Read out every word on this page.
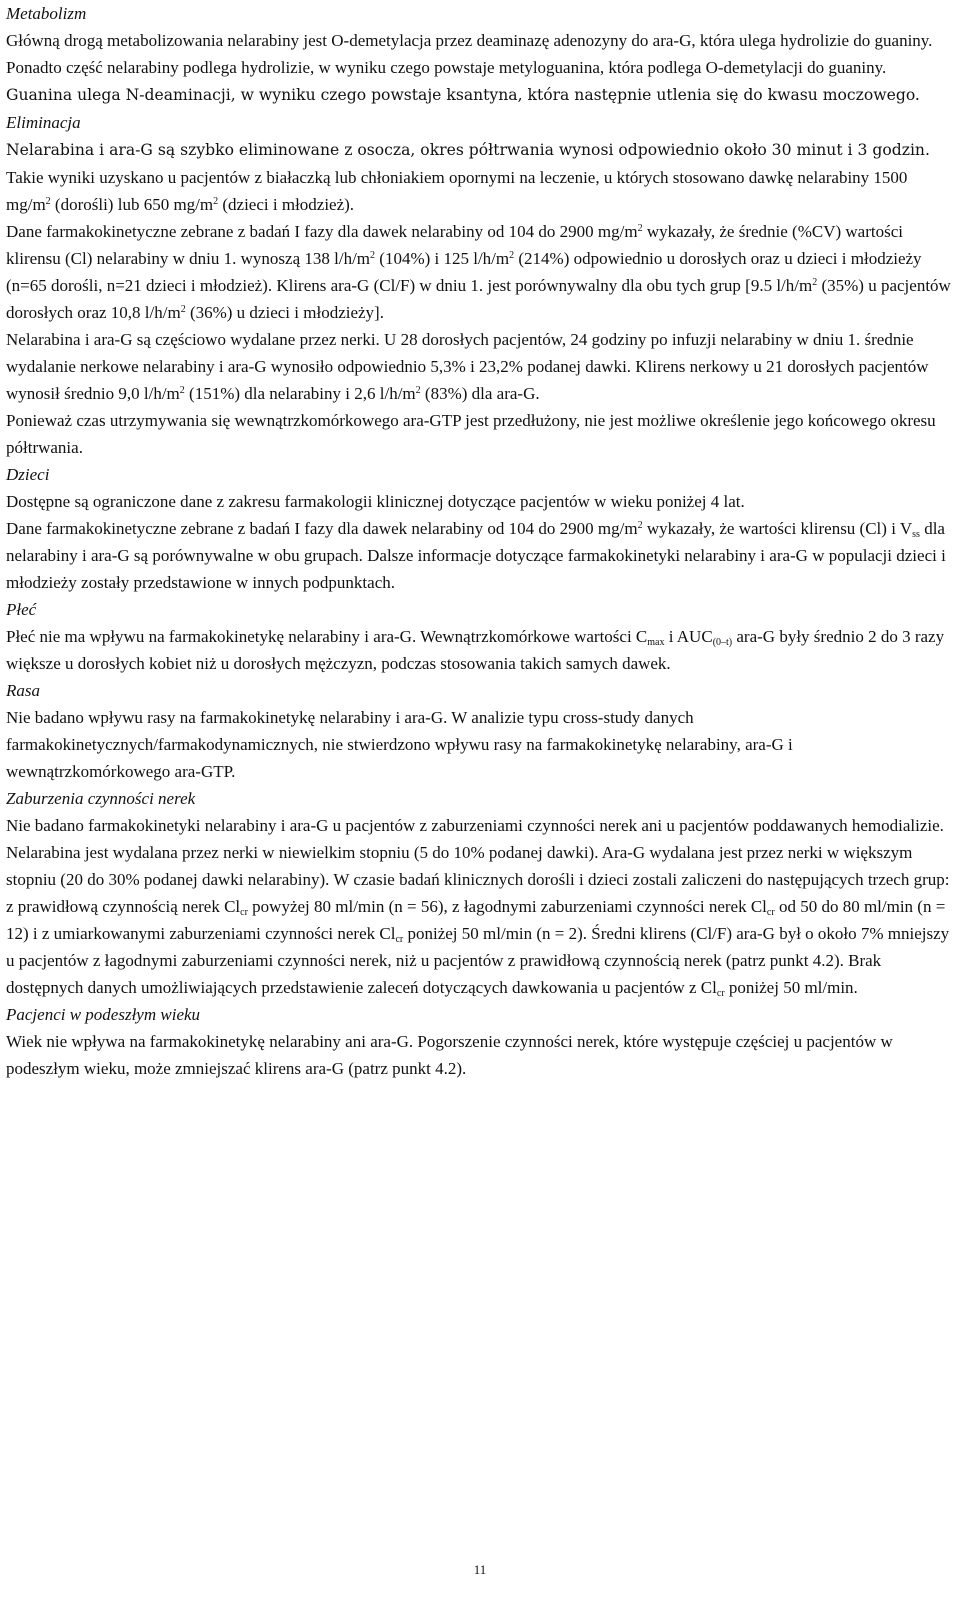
Metabolizm
Główną drogą metabolizowania nelarabiny jest O-demetylacja przez deaminazę adenozyny do ara-G, która ulega hydrolizie do guaniny. Ponadto część nelarabiny podlega hydrolizie, w wyniku czego powstaje metyloguanina, która podlega O-demetylacji do guaniny. Guanina ulega N-deaminacji, w wyniku czego powstaje ksantyna, która następnie utlenia się do kwasu moczowego.
Eliminacja
Nelarabina i ara-G są szybko eliminowane z osocza, okres półtrwania wynosi odpowiednio około 30 minut i 3 godzin. Takie wyniki uzyskano u pacjentów z białaczką lub chłoniakiem opornymi na leczenie, u których stosowano dawkę nelarabiny 1500 $mg/m^2$ (dorośli) lub 650 $mg/m^2$ (dzieci i młodzież).
Dane farmakokinetyczne zebrane z badań I fazy dla dawek nelarabiny od 104 do 2900 $mg/m^2$ wykazały, że średnie (%CV) wartości klirensu (Cl) nelarabiny w dniu 1. wynoszą 138 $l/h/m^2$ (104%) i 125 $l/h/m^2$ (214%) odpowiednio u dorosłych oraz u dzieci i młodzieży (n=65 dorośli, n=21 dzieci i młodzież). Klirens ara-G (Cl/F) w dniu 1. jest porównywalny dla obu tych grup [9.5 $l/h/m^2$ (35%) u pacjentów dorosłych oraz 10,8 $l/h/m^2$ (36%) u dzieci i młodzieży].
Nelarabina i ara-G są częściowo wydalane przez nerki. U 28 dorosłych pacjentów, 24 godziny po infuzji nelarabiny w dniu 1. średnie wydalanie nerkowe nelarabiny i ara-G wynosiło odpowiednio 5,3% i 23,2% podanej dawki. Klirens nerkowy u 21 dorosłych pacjentów wynosił średnio 9,0 $l/h/m^2$ (151%) dla nelarabiny i 2,6 $l/h/m^2$ (83%) dla ara-G.
Ponieważ czas utrzymywania się wewnątrzkomórkowego ara-GTP jest przedłużony, nie jest możliwe określenie jego końcowego okresu półtrwania.
Dzieci
Dostępne są ograniczone dane z zakresu farmakologii klinicznej dotyczące pacjentów w wieku poniżej 4 lat.
Dane farmakokinetyczne zebrane z badań I fazy dla dawek nelarabiny od 104 do 2900 $mg/m^2$ wykazały, że wartości klirensu (Cl) i $V_{ss}$ dla nelarabiny i ara-G są porównywalne w obu grupach. Dalsze informacje dotyczące farmakokinetyki nelarabiny i ara-G w populacji dzieci i młodzieży zostały przedstawione w innych podpunktach.
Płeć
Płeć nie ma wpływu na farmakokinetykę nelarabiny i ara-G. Wewnątrzkomórkowe wartości $C_{max}$ i $AUC_{(0-t)}$ ara-G były średnio 2 do 3 razy większe u dorosłych kobiet niż u dorosłych mężczyzn, podczas stosowania takich samych dawek.
Rasa
Nie badano wpływu rasy na farmakokinetykę nelarabiny i ara-G. W analizie typu cross-study danych farmakokinetycznych/farmakodynamicznych, nie stwierdzono wpływu rasy na farmakokinetykę nelarabiny, ara-G i wewnątrzkomórkowego ara-GTP.
Zaburzenia czynności nerek
Nie badano farmakokinetyki nelarabiny i ara-G u pacjentów z zaburzeniami czynności nerek ani u pacjentów poddawanych hemodializie. Nelarabina jest wydalana przez nerki w niewielkim stopniu (5 do 10% podanej dawki). Ara-G wydalana jest przez nerki w większym stopniu (20 do 30% podanej dawki nelarabiny). W czasie badań klinicznych dorośli i dzieci zostali zaliczeni do następujących trzech grup: z prawidłową czynnością nerek $Cl_{cr}$ powyżej 80 ml/min (n = 56), z łagodnymi zaburzeniami czynności nerek $Cl_{cr}$ od 50 do 80 ml/min (n = 12) i z umiarkowanymi zaburzeniami czynności nerek $Cl_{cr}$ poniżej 50 ml/min (n = 2). Średni klirens (Cl/F) ara-G był o około 7% mniejszy u pacjentów z łagodnymi zaburzeniami czynności nerek, niż u pacjentów z prawidłową czynnością nerek (patrz punkt 4.2). Brak dostępnych danych umożliwiających przedstawienie zaleceń dotyczących dawkowania u pacjentów z $Cl_{cr}$ poniżej 50 ml/min.
Pacjenci w podeszłym wieku
Wiek nie wpływa na farmakokinetykę nelarabiny ani ara-G. Pogorszenie czynności nerek, które występuje częściej u pacjentów w podeszłym wieku, może zmniejszać klirens ara-G (patrz punkt 4.2).
11
